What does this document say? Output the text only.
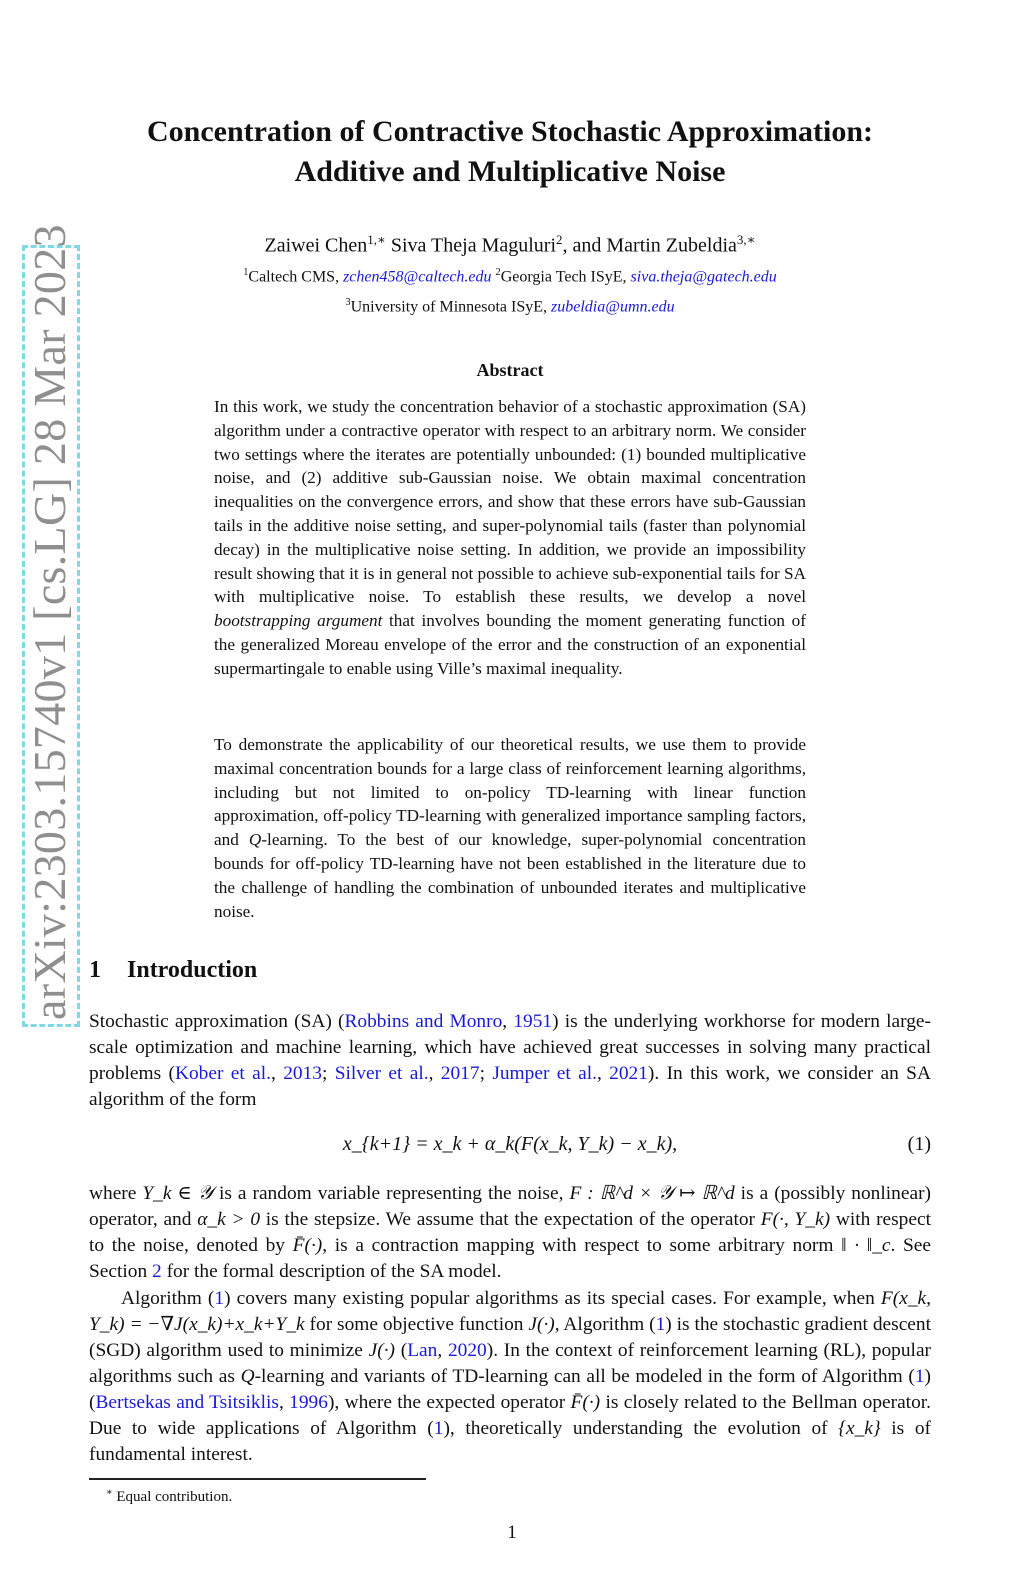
arXiv:2303.15740v1 [cs.LG] 28 Mar 2023
Concentration of Contractive Stochastic Approximation:
Additive and Multiplicative Noise
Zaiwei Chen$^{1,∗}$ Siva Theja Maguluri$^2$, and Martin Zubeldia$^{3,∗}$
$^1$Caltech CMS, zchen458@caltech.edu $^2$Georgia Tech ISyE, siva.theja@gatech.edu
$^3$University of Minnesota ISyE, zubeldia@umn.edu
Abstract

In this work, we study the concentration behavior of a stochastic approximation (SA) algorithm under a contractive operator with respect to an arbitrary norm. We consider two settings where the iterates are potentially unbounded: (1) bounded multiplicative noise, and (2) additive sub-Gaussian noise. We obtain maximal concentration inequalities on the convergence errors, and show that these errors have sub-Gaussian tails in the additive noise setting, and super-polynomial tails (faster than polynomial decay) in the multiplicative noise setting. In addition, we provide an impossibility result showing that it is in general not possible to achieve sub-exponential tails for SA with multiplicative noise. To establish these results, we develop a novel bootstrapping argument that involves bounding the moment generating function of the generalized Moreau envelope of the error and the construction of an exponential supermartingale to enable using Ville’s maximal inequality.

To demonstrate the applicability of our theoretical results, we use them to provide maximal concentration bounds for a large class of reinforcement learning algorithms, including but not limited to on-policy TD-learning with linear function approximation, off-policy TD-learning with generalized importance sampling factors, and Q-learning. To the best of our knowledge, super-polynomial concentration bounds for off-policy TD-learning have not been established in the literature due to the challenge of handling the combination of unbounded iterates and multiplicative noise.

1 Introduction

Stochastic approximation (SA) (Robbins and Monro, 1951) is the underlying workhorse for modern large-scale optimization and machine learning, which have achieved great successes in solving many practical problems (Kober et al., 2013; Silver et al., 2017; Jumper et al., 2021). In this work, we consider an SA algorithm of the form

x_{k+1} = x_k + α_k(F(x_k, Y_k) − x_k),	(1)

where Y_k ∈ 𝒴 is a random variable representing the noise, F : ℝ^d × 𝒴 ↦ ℝ^d is a (possibly nonlinear) operator, and α_k > 0 is the stepsize. We assume that the expectation of the operator F(·, Y_k) with respect to the noise, denoted by F̄(·), is a contraction mapping with respect to some arbitrary norm ‖ · ‖_c. See Section 2 for the formal description of the SA model.

Algorithm (1) covers many existing popular algorithms as its special cases. For example, when F(x_k, Y_k) = −∇J(x_k)+x_k+Y_k for some objective function J(·), Algorithm (1) is the stochastic gradient descent (SGD) algorithm used to minimize J(·) (Lan, 2020). In the context of reinforcement learning (RL), popular algorithms such as Q-learning and variants of TD-learning can all be modeled in the form of Algorithm (1) (Bertsekas and Tsitsiklis, 1996), where the expected operator F̄(·) is closely related to the Bellman operator. Due to wide applications of Algorithm (1), theoretically understanding the evolution of {x_k} is of fundamental interest.

∗ Equal contribution.
1
